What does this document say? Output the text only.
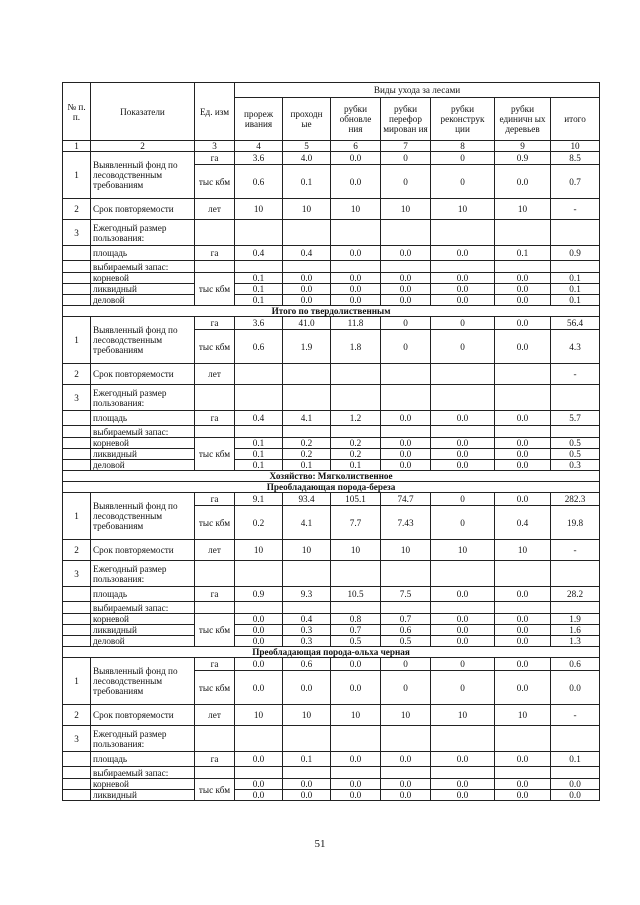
№ п. п.	Показатели	Ед. изм	Виды ухода за лесами						
			прореж ивания	проходн ые	рубки обновле ния	рубки перефор мирован ия	рубки реконструк ции	рубки единичн ых деревьев	итого
1	2	3	4	5	6	7	8	9	10
1	Выявленный фонд по лесоводственным требованиям	га	3.6	4.0	0.0	0	0	0.9	8.5
		тыс кбм	0.6	0.1	0.0	0	0	0.0	0.7
2	Срок повторяемости	лет	10	10	10	10	10	10	-
3	Ежегодный размер пользования:								
	площадь	га	0.4	0.4	0.0	0.0	0.0	0.1	0.9
	выбираемый запас:								
	корневой	тыс кбм	0.1	0.0	0.0	0.0	0.0	0.0	0.1
	ликвидный		0.1	0.0	0.0	0.0	0.0	0.0	0.1
	деловой		0.1	0.0	0.0	0.0	0.0	0.0	0.1
Итого по твердолиственным									
1	Выявленный фонд по лесоводственным требованиям	га	3.6	41.0	11.8	0	0	0.0	56.4
		тыс кбм	0.6	1.9	1.8	0	0	0.0	4.3
2	Срок повторяемости	лет							-
3	Ежегодный размер пользования:								
	площадь	га	0.4	4.1	1.2	0.0	0.0	0.0	5.7
	выбираемый запас:								
	корневой	тыс кбм	0.1	0.2	0.2	0.0	0.0	0.0	0.5
	ликвидный		0.1	0.2	0.2	0.0	0.0	0.0	0.5
	деловой		0.1	0.1	0.1	0.0	0.0	0.0	0.3
Хозяйство: Мягколиственное									
Преобладающая порода-береза									
1	Выявленный фонд по лесоводственным требованиям	га	9.1	93.4	105.1	74.7	0	0.0	282.3
		тыс кбм	0.2	4.1	7.7	7.43	0	0.4	19.8
2	Срок повторяемости	лет	10	10	10	10	10	10	-
3	Ежегодный размер пользования:								
	площадь	га	0.9	9.3	10.5	7.5	0.0	0.0	28.2
	выбираемый запас:								
	корневой	тыс кбм	0.0	0.4	0.8	0.7	0.0	0.0	1.9
	ликвидный		0.0	0.3	0.7	0.6	0.0	0.0	1.6
	деловой		0.0	0.3	0.5	0.5	0.0	0.0	1.3
Преобладающая порода-ольха черная									
1	Выявленный фонд по лесоводственным требованиям	га	0.0	0.6	0.0	0	0	0.0	0.6
		тыс кбм	0.0	0.0	0.0	0	0	0.0	0.0
2	Срок повторяемости	лет	10	10	10	10	10	10	-
3	Ежегодный размер пользования:								
	площадь	га	0.0	0.1	0.0	0.0	0.0	0.0	0.1
	выбираемый запас:								
	корневой	тыс кбм	0.0	0.0	0.0	0.0	0.0	0.0	0.0
	ликвидный		0.0	0.0	0.0	0.0	0.0	0.0	0.0
51
